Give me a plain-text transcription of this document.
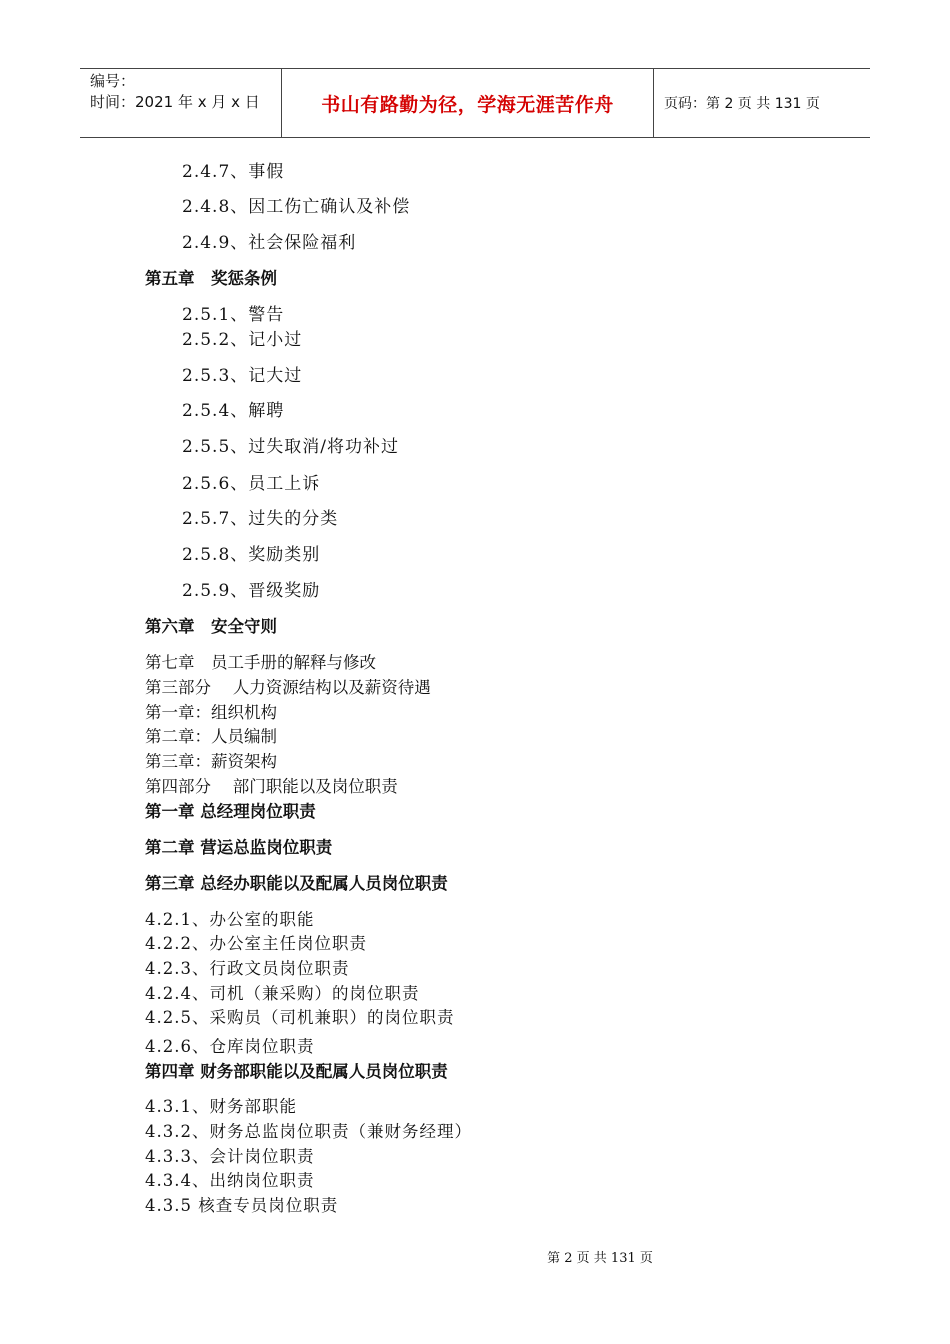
编号：
时间：2021 年 x 月 x 日	书山有路勤为径，学海无涯苦作舟	页码：第 2 页 共 131 页
2.4.7、事假
2.4.8、因工伤亡确认及补偿
2.4.9、社会保险福利
第五章　奖惩条例
2.5.1、警告
2.5.2、记小过
2.5.3、记大过
2.5.4、解聘
2.5.5、过失取消/将功补过
2.5.6、员工上诉
2.5.7、过失的分类
2.5.8、奖励类别
2.5.9、晋级奖励
第六章　安全守则
第七章　员工手册的解释与修改
第三部分　 人力资源结构以及薪资待遇
第一章：组织机构
第二章：人员编制
第三章：薪资架构
第四部分　 部门职能以及岗位职责
第一章 总经理岗位职责
第二章 营运总监岗位职责
第三章 总经办职能以及配属人员岗位职责
4.2.1、办公室的职能
4.2.2、办公室主任岗位职责
4.2.3、行政文员岗位职责
4.2.4、司机（兼采购）的岗位职责
4.2.5、采购员（司机兼职）的岗位职责
4.2.6、仓库岗位职责
第四章 财务部职能以及配属人员岗位职责
4.3.1、财务部职能
4.3.2、财务总监岗位职责（兼财务经理）
4.3.3、会计岗位职责
4.3.4、出纳岗位职责
4.3.5 核查专员岗位职责
第 2 页 共 131 页
